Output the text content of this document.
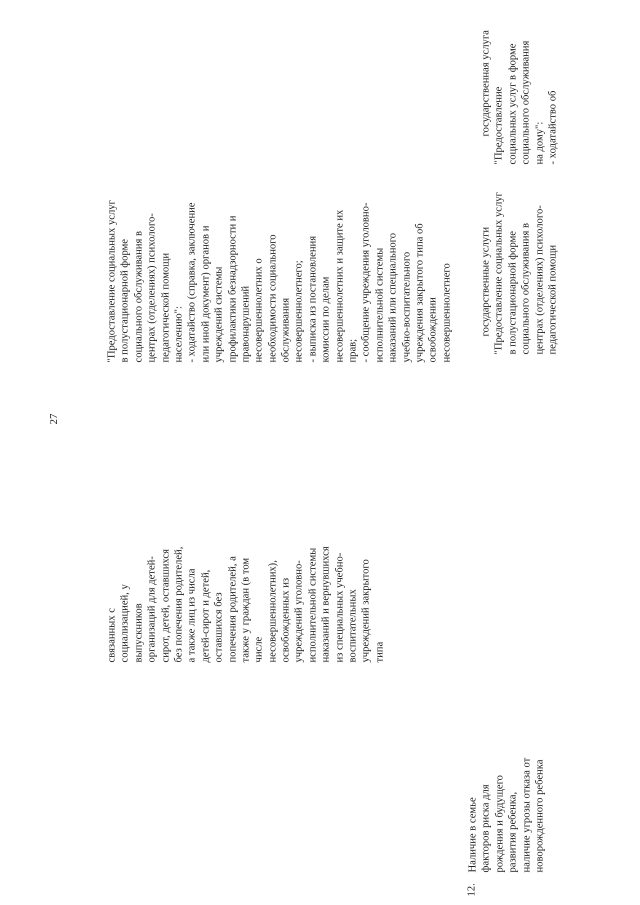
27
связанных с социализацией, у выпускников организаций для детей- сирот, детей, оставшихся без попечения родителей, а также лиц из числа детей-сирот и детей, оставшихся без попечения родителей, а также у граждан (в том числе несовершеннолетних), освобожденных из учреждений уголовно- исполнительной системы наказаний и вернувшихся из специальных учебно- воспитательных учреждений закрытого типа
"Предоставление социальных услуг в полустационарной форме социального обслуживания в центрах (отделениях) психолого- педагогической помощи населению": - ходатайство (справка, заключение или иной документ) органов и учреждений системы профилактики безнадзорности и правонарушений несовершеннолетних о необходимости социального обслуживания несовершеннолетнего; - выписка из постановления комиссии по делам несовершеннолетних и защите их прав; - сообщение учреждения уголовно- исполнительной системы наказаний или специального учебно-воспитательного учреждения закрытого типа об освобождении несовершеннолетнего
12.
Наличие в семье факторов риска для рождения и будущего развития ребенка, наличие угрозы отказа от новорожденного ребенка
государственные услуги "Предоставление социальных услуг в полустационарной форме социального обслуживания в центрах (отделениях) психолого- педагогической помощи
государственная услуга "Предоставление социальных услуг в форме социального обслуживания на дому": - ходатайство об
